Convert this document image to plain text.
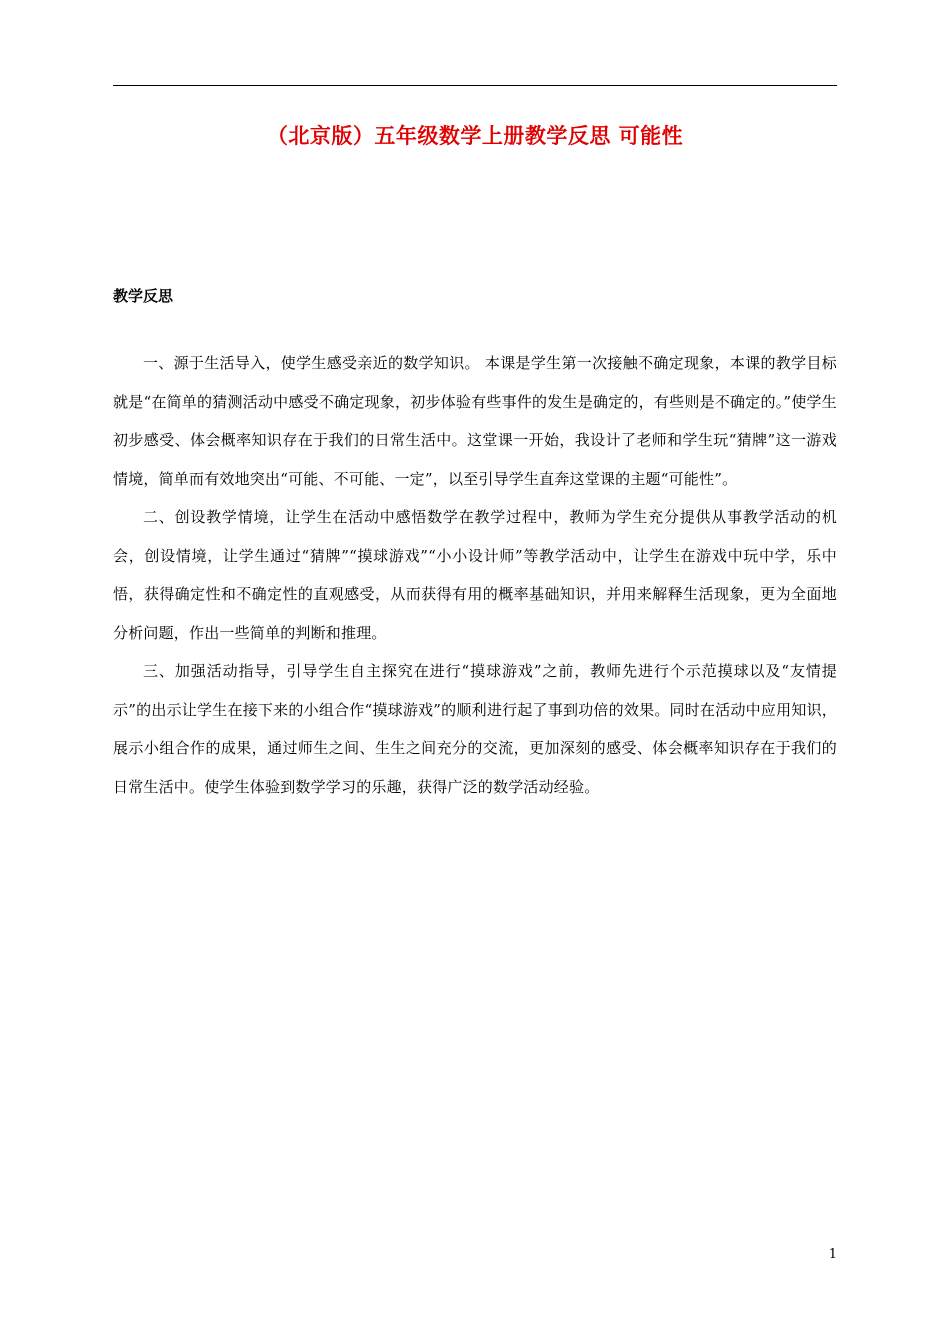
（北京版）五年级数学上册教学反思 可能性
教学反思

一、源于生活导入，使学生感受亲近的数学知识。 本课是学生第一次接触不确定现象，本课的教学目标就是“在简单的猜测活动中感受不确定现象，初步体验有些事件的发生是确定的，有些则是不确定的。”使学生初步感受、体会概率知识存在于我们的日常生活中。这堂课一开始，我设计了老师和学生玩“猜牌”这一游戏情境，简单而有效地突出“可能、不可能、一定”，以至引导学生直奔这堂课的主题“可能性”。

二、创设教学情境，让学生在活动中感悟数学在教学过程中，教师为学生充分提供从事教学活动的机会，创设情境，让学生通过“猜牌”“摸球游戏”“小小设计师”等教学活动中，让学生在游戏中玩中学，乐中悟，获得确定性和不确定性的直观感受，从而获得有用的概率基础知识，并用来解释生活现象，更为全面地分析问题，作出一些简单的判断和推理。

三、加强活动指导，引导学生自主探究在进行“摸球游戏”之前，教师先进行个示范摸球以及“友情提示”的出示让学生在接下来的小组合作“摸球游戏”的顺利进行起了事到功倍的效果。同时在活动中应用知识，展示小组合作的成果，通过师生之间、生生之间充分的交流，更加深刻的感受、体会概率知识存在于我们的日常生活中。使学生体验到数学学习的乐趣，获得广泛的数学活动经验。

1
